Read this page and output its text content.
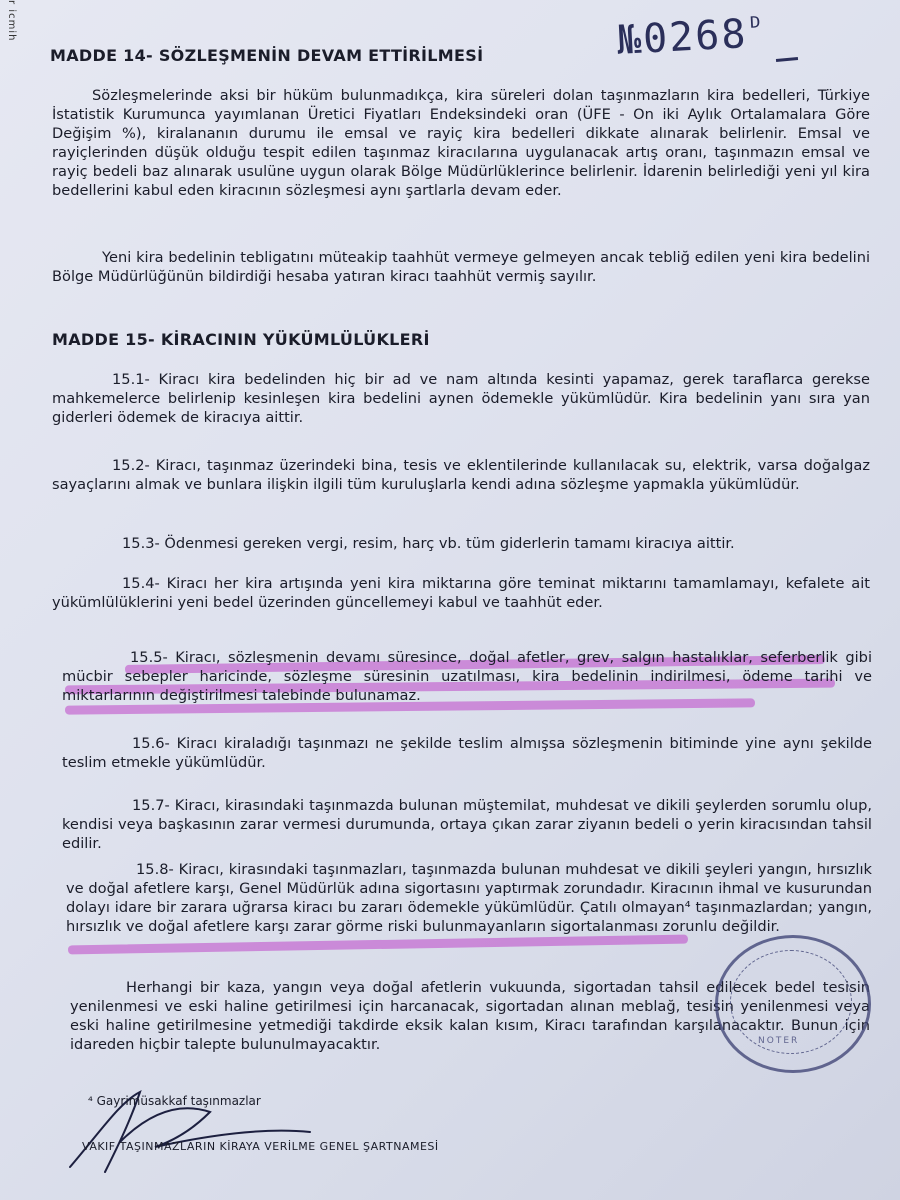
r icmih	$№0268^ᴰ$
MADDE 14- SÖZLEŞMENİN DEVAM ETTİRİLMESİ

Sözleşmelerinde aksi bir hüküm bulunmadıkça, kira süreleri dolan taşınmazların kira bedelleri, Türkiye İstatistik Kurumunca yayımlanan Üretici Fiyatları Endeksindeki oran (ÜFE - On iki Aylık Ortalamalara Göre Değişim %), kiralananın durumu ile emsal ve rayiç kira bedelleri dikkate alınarak belirlenir. Emsal ve rayiçlerinden düşük olduğu tespit edilen taşınmaz kiracılarına uygulanacak artış oranı, taşınmazın emsal ve rayiç bedeli baz alınarak usulüne uygun olarak Bölge Müdürlüklerince belirlenir. İdarenin belirlediği yeni yıl kira bedellerini kabul eden kiracının sözleşmesi aynı şartlarla devam eder.

Yeni kira bedelinin tebligatını müteakip taahhüt vermeye gelmeyen ancak tebliğ edilen yeni kira bedelini Bölge Müdürlüğünün bildirdiği hesaba yatıran kiracı taahhüt vermiş sayılır.

MADDE 15- KİRACININ YÜKÜMLÜLÜKLERİ

15.1- Kiracı kira bedelinden hiç bir ad ve nam altında kesinti yapamaz, gerek taraflarca gerekse mahkemelerce belirlenip kesinleşen kira bedelini aynen ödemekle yükümlüdür. Kira bedelinin yanı sıra yan giderleri ödemek de kiracıya aittir.

15.2- Kiracı, taşınmaz üzerindeki bina, tesis ve eklentilerinde kullanılacak su, elektrik, varsa doğalgaz sayaçlarını almak ve bunlara ilişkin ilgili tüm kuruluşlarla kendi adına sözleşme yapmakla yükümlüdür.

15.3- Ödenmesi gereken vergi, resim, harç vb. tüm giderlerin tamamı kiracıya aittir.

15.4- Kiracı her kira artışında yeni kira miktarına göre teminat miktarını tamamlamayı, kefalete ait yükümlülüklerini yeni bedel üzerinden güncellemeyi kabul ve taahhüt eder.

15.5- Kiracı, sözleşmenin devamı süresince, doğal afetler, grev, salgın hastalıklar, seferberlik gibi mücbir sebepler haricinde, sözleşme süresinin uzatılması, kira bedelinin indirilmesi, ödeme tarihi ve miktarlarının değiştirilmesi talebinde bulunamaz.

15.6- Kiracı kiraladığı taşınmazı ne şekilde teslim almışsa sözleşmenin bitiminde yine aynı şekilde teslim etmekle yükümlüdür.

15.7- Kiracı, kirasındaki taşınmazda bulunan müştemilat, muhdesat ve dikili şeylerden sorumlu olup, kendisi veya başkasının zarar vermesi durumunda, ortaya çıkan zarar ziyanın bedeli o yerin kiracısından tahsil edilir.

15.8- Kiracı, kirasındaki taşınmazları, taşınmazda bulunan muhdesat ve dikili şeyleri yangın, hırsızlık ve doğal afetlere karşı, Genel Müdürlük adına sigortasını yaptırmak zorundadır. Kiracının ihmal ve kusurundan dolayı idare bir zarara uğrarsa kiracı bu zararı ödemekle yükümlüdür. Çatılı olmayan⁴ taşınmazlardan; yangın, hırsızlık ve doğal afetlere karşı zarar görme riski bulunmayanların sigortalanması zorunlu değildir.

Herhangi bir kaza, yangın veya doğal afetlerin vukuunda, sigortadan tahsil edilecek bedel tesisin yenilenmesi ve eski haline getirilmesi için harcanacak, sigortadan alınan meblağ, tesisin yenilenmesi veya eski haline getirilmesine yetmediği takdirde eksik kalan kısım, Kiracı tarafından karşılanacaktır. Bunun için idareden hiçbir talepte bulunulmayacaktır.	NOTER
⁴ Gayrimüsakkaf taşınmazlar
VAKIF TAŞINMAZLARIN KİRAYA VERİLME GENEL ŞARTNAMESİ
